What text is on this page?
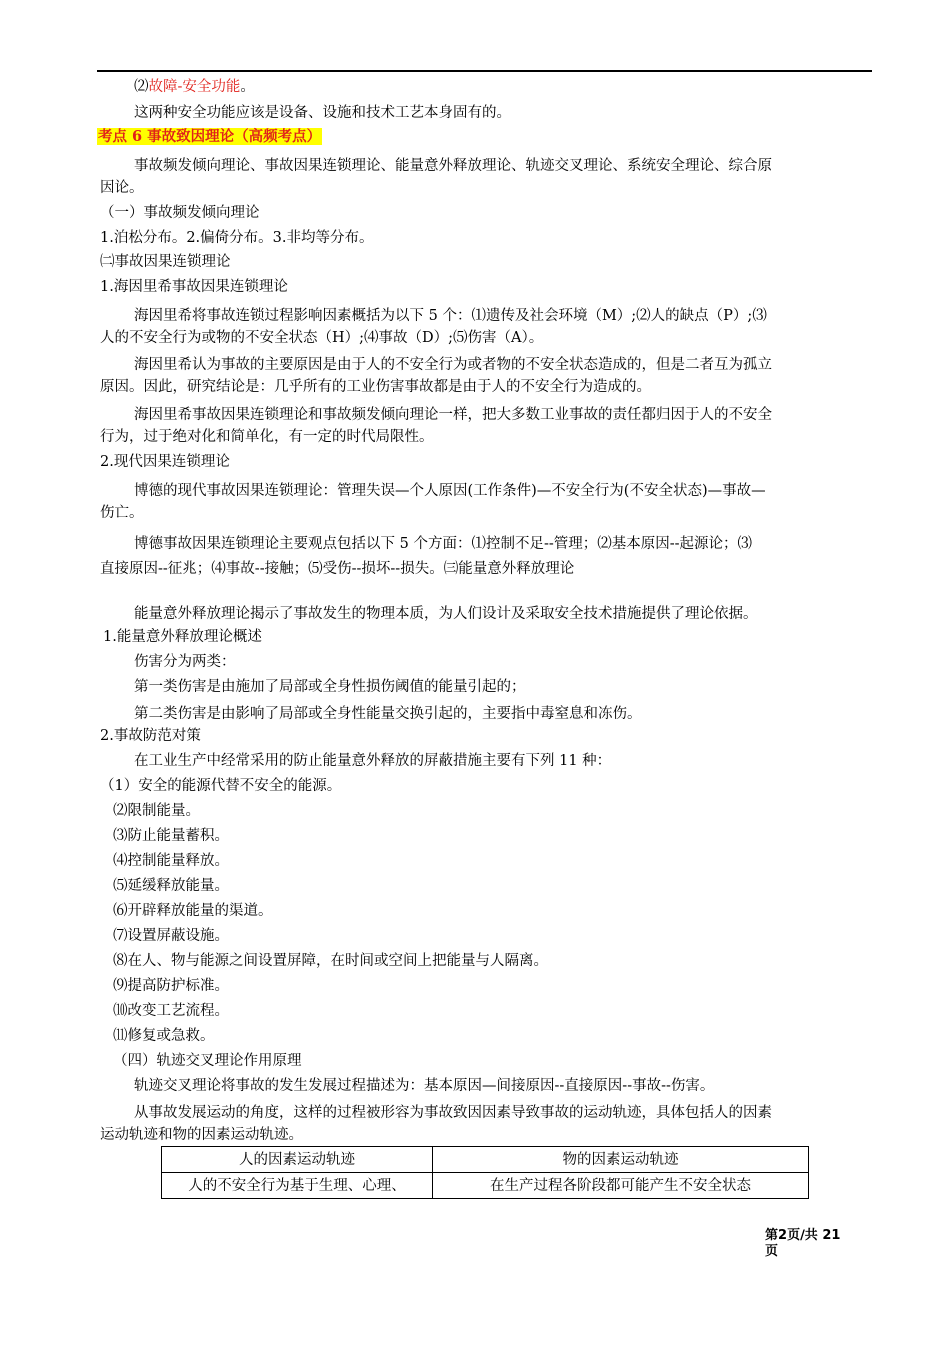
⑵故障-安全功能。
这两种安全功能应该是设备、设施和技术工艺本身固有的。
考点 6 事故致因理论（高频考点）
事故频发倾向理论、事故因果连锁理论、能量意外释放理论、轨迹交叉理论、系统安全理论、综合原
因论。
（一）事故频发倾向理论
1.泊松分布。2.偏倚分布。3.非均等分布。
㈡事故因果连锁理论
1.海因里希事故因果连锁理论
海因里希将事故连锁过程影响因素概括为以下 5 个：⑴遗传及社会环境（M）;⑵人的缺点（P）;⑶
人的不安全行为或物的不安全状态（H）;⑷事故（D）;⑸伤害（A）。
海因里希认为事故的主要原因是由于人的不安全行为或者物的不安全状态造成的，但是二者互为孤立
原因。因此，研究结论是：几乎所有的工业伤害事故都是由于人的不安全行为造成的。
海因里希事故因果连锁理论和事故频发倾向理论一样，把大多数工业事故的责任都归因于人的不安全
行为，过于绝对化和简单化，有一定的时代局限性。
2.现代因果连锁理论
博德的现代事故因果连锁理论：管理失误—个人原因(工作条件)—不安全行为(不安全状态)—事故—
伤亡。
博德事故因果连锁理论主要观点包括以下 5 个方面：⑴控制不足--管理；⑵基本原因--起源论；⑶
直接原因--征兆；⑷事故--接触；⑸受伤--损坏--损失。㈢能量意外释放理论
能量意外释放理论揭示了事故发生的物理本质，为人们设计及采取安全技术措施提供了理论依据。
1.能量意外释放理论概述
伤害分为两类：
第一类伤害是由施加了局部或全身性损伤阈值的能量引起的；
第二类伤害是由影响了局部或全身性能量交换引起的，主要指中毒窒息和冻伤。
2.事故防范对策
在工业生产中经常采用的防止能量意外释放的屏蔽措施主要有下列 11 种：
（1）安全的能源代替不安全的能源。
⑵限制能量。
⑶防止能量蓄积。
⑷控制能量释放。
⑸延缓释放能量。
⑹开辟释放能量的渠道。
⑺设置屏蔽设施。
⑻在人、物与能源之间设置屏障，在时间或空间上把能量与人隔离。
⑼提高防护标准。
⑽改变工艺流程。
⑾修复或急救。
（四）轨迹交叉理论作用原理
轨迹交叉理论将事故的发生发展过程描述为：基本原因—间接原因--直接原因--事故--伤害。
从事故发展运动的角度，这样的过程被形容为事故致因因素导致事故的运动轨迹，具体包括人的因素
运动轨迹和物的因素运动轨迹。
人的因素运动轨迹	物的因素运动轨迹
人的不安全行为基于生理、心理、	在生产过程各阶段都可能产生不安全状态
第2页/共 21
页
